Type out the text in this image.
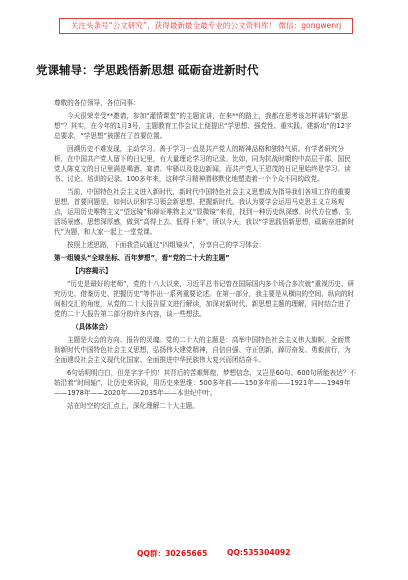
关注头条号“公文研究”，获得最新最全最专业的公文资料库！ 微信：gongwenrj
党课辅导：学思践悟新思想 砥砺奋进新时代

尊敬的各位领导，各位同事：

今天很荣幸受**邀请，参加“灌情课堂”的主题宣讲，在来**的路上，我都在思考该怎样讲好“新思想”？其实，在今年的1月3号，主题教育工作会议上便提出“学思想、强党性、重实践、建新功”的12字总要求，“学思想”被摆在了首要位置。

回溯历史不难发现，主动学习、善于学习一直是共产党人的精神品格和独特气质。有学者研究分析，在中国共产党人留下的日记里，有大量理论学习的记录。比如，同为抗战时期的中高层干部，国民党人陈克文的日记里满是喝酒、宴请、牢骚以及花边新闻，而共产党人王恩茂的日记里始终是学习、读书、讨论、培训的记录。100多年来，这种学习精神潜移默化地塑造着一个个众不同的政党。

当前，中国特色社会主义进入新时代，新时代中国特色社会主义思想成为指导我们各项工作的重要思想、首要问题是，如何认识和学习领会新思想、把握新时代。我认为要学会运用马克思主义立场观点，运用历史唯物主义“望远镜”和辩证唯物主义“显微镜”来看，找到一种历史纵深感、时代方位感、生活场景感、思想深厚感，做到“高得上去、低得下来”，所以今天，我以“学思践悟新思想，砥砺奋进新时代”为题，和大家一起上一堂党课。

按照上述思路，下面我尝试通过“四组镜头”，分享自己的学习体会：

第一组镜头“全球坐标、百年梦想”，看“党的二十大的主题”

【内容揭示】

“历史是最好的老师”，党的十八大以来，习近平总书记曾在国际国内多个场合多次就“重视历史、研究历史、借鉴历史、把握历史”等作出一系列重要论述。在第一部分，我主要是从横向的空间、纵向的时间相交汇的角度，从党的二十大报告原文进行解读，加深对新时代、新思想主题的理解，同时结合进了党的二十大报告第二部分的许多内容，谈一些想法。

（具体体会）

主题是大会的方向、报告的灵魂。党的二十大的主题是：高举中国特色社会主义伟大旗帜，全面贯彻新时代中国特色社会主义思想，弘扬伟大建党精神，自信自强、守正创新，踔厉奋发、勇毅前行，为全面建设社会主义现代化国家、全面推进中华民族伟大复兴而团结奋斗。

6句话明明白白，但是字字千钧！其背后的苦难辉煌、梦想信念，又岂是60句、600句所能表达？不妨沿着“时间轴”，让历史来诉说，用历史来思维：500多年前——150多年前——1921年——1949年——1978年——2020年——2035年——本世纪中叶。

站在时空的交汇点上，深化理解二十大主题。

QQ群：30265665	QQ:535304092
